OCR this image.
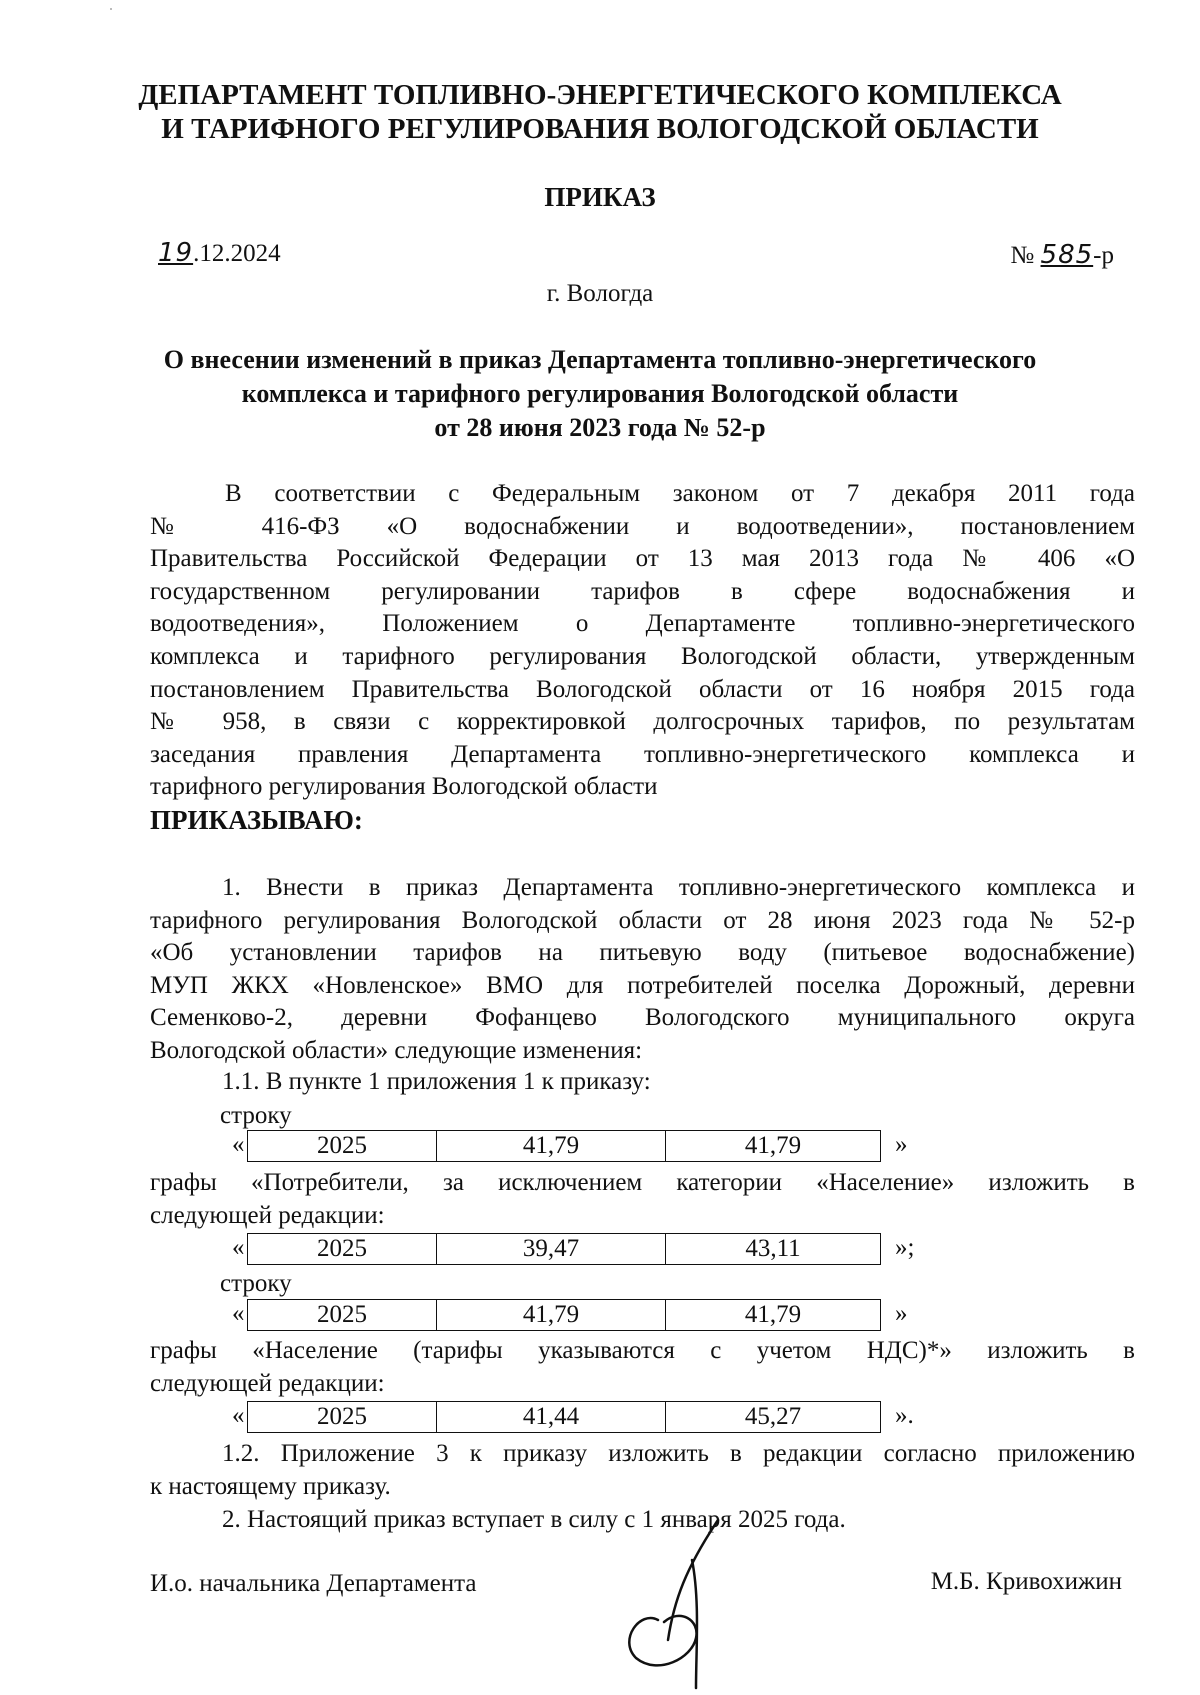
ДЕПАРТАМЕНТ ТОПЛИВНО-ЭНЕРГЕТИЧЕСКОГО КОМПЛЕКСА
И ТАРИФНОГО РЕГУЛИРОВАНИЯ ВОЛОГОДСКОЙ ОБЛАСТИ
ПРИКАЗ
19.12.2024	№ 585-р
г. Вологда
О внесении изменений в приказ Департамента топливно-энергетического
комплекса и тарифного регулирования Вологодской области
от 28 июня 2023 года № 52-р
В соответствии с Федеральным законом от 7 декабря 2011 года
№ 416-ФЗ «О водоснабжении и водоотведении», постановлением
Правительства Российской Федерации от 13 мая 2013 года № 406 «О
государственном регулировании тарифов в сфере водоснабжения и
водоотведения», Положением о Департаменте топливно-энергетического
комплекса и тарифного регулирования Вологодской области, утвержденным
постановлением Правительства Вологодской области от 16 ноября 2015 года
№ 958, в связи с корректировкой долгосрочных тарифов, по результатам
заседания правления Департамента топливно-энергетического комплекса и
тарифного регулирования Вологодской области
ПРИКАЗЫВАЮ:
1. Внести в приказ Департамента топливно-энергетического комплекса и
тарифного регулирования Вологодской области от 28 июня 2023 года № 52-р
«Об установлении тарифов на питьевую воду (питьевое водоснабжение)
МУП ЖКХ «Новленское» ВМО для потребителей поселка Дорожный, деревни
Семенково-2, деревни Фофанцево Вологодского муниципального округа
Вологодской области» следующие изменения:
1.1. В пункте 1 приложения 1 к приказу:
строку
«	2025	41,79	41,79	»
графы «Потребители, за исключением категории «Население» изложить в
следующей редакции:
«	2025	39,47	43,11	»;
строку
«	2025	41,79	41,79	»
графы «Население (тарифы указываются с учетом НДС)*» изложить в
следующей редакции:
«	2025	41,44	45,27	».
1.2. Приложение 3 к приказу изложить в редакции согласно приложению
к настоящему приказу.
2. Настоящий приказ вступает в силу с 1 января 2025 года.
И.о. начальника Департамента	М.Б. Кривохижин
